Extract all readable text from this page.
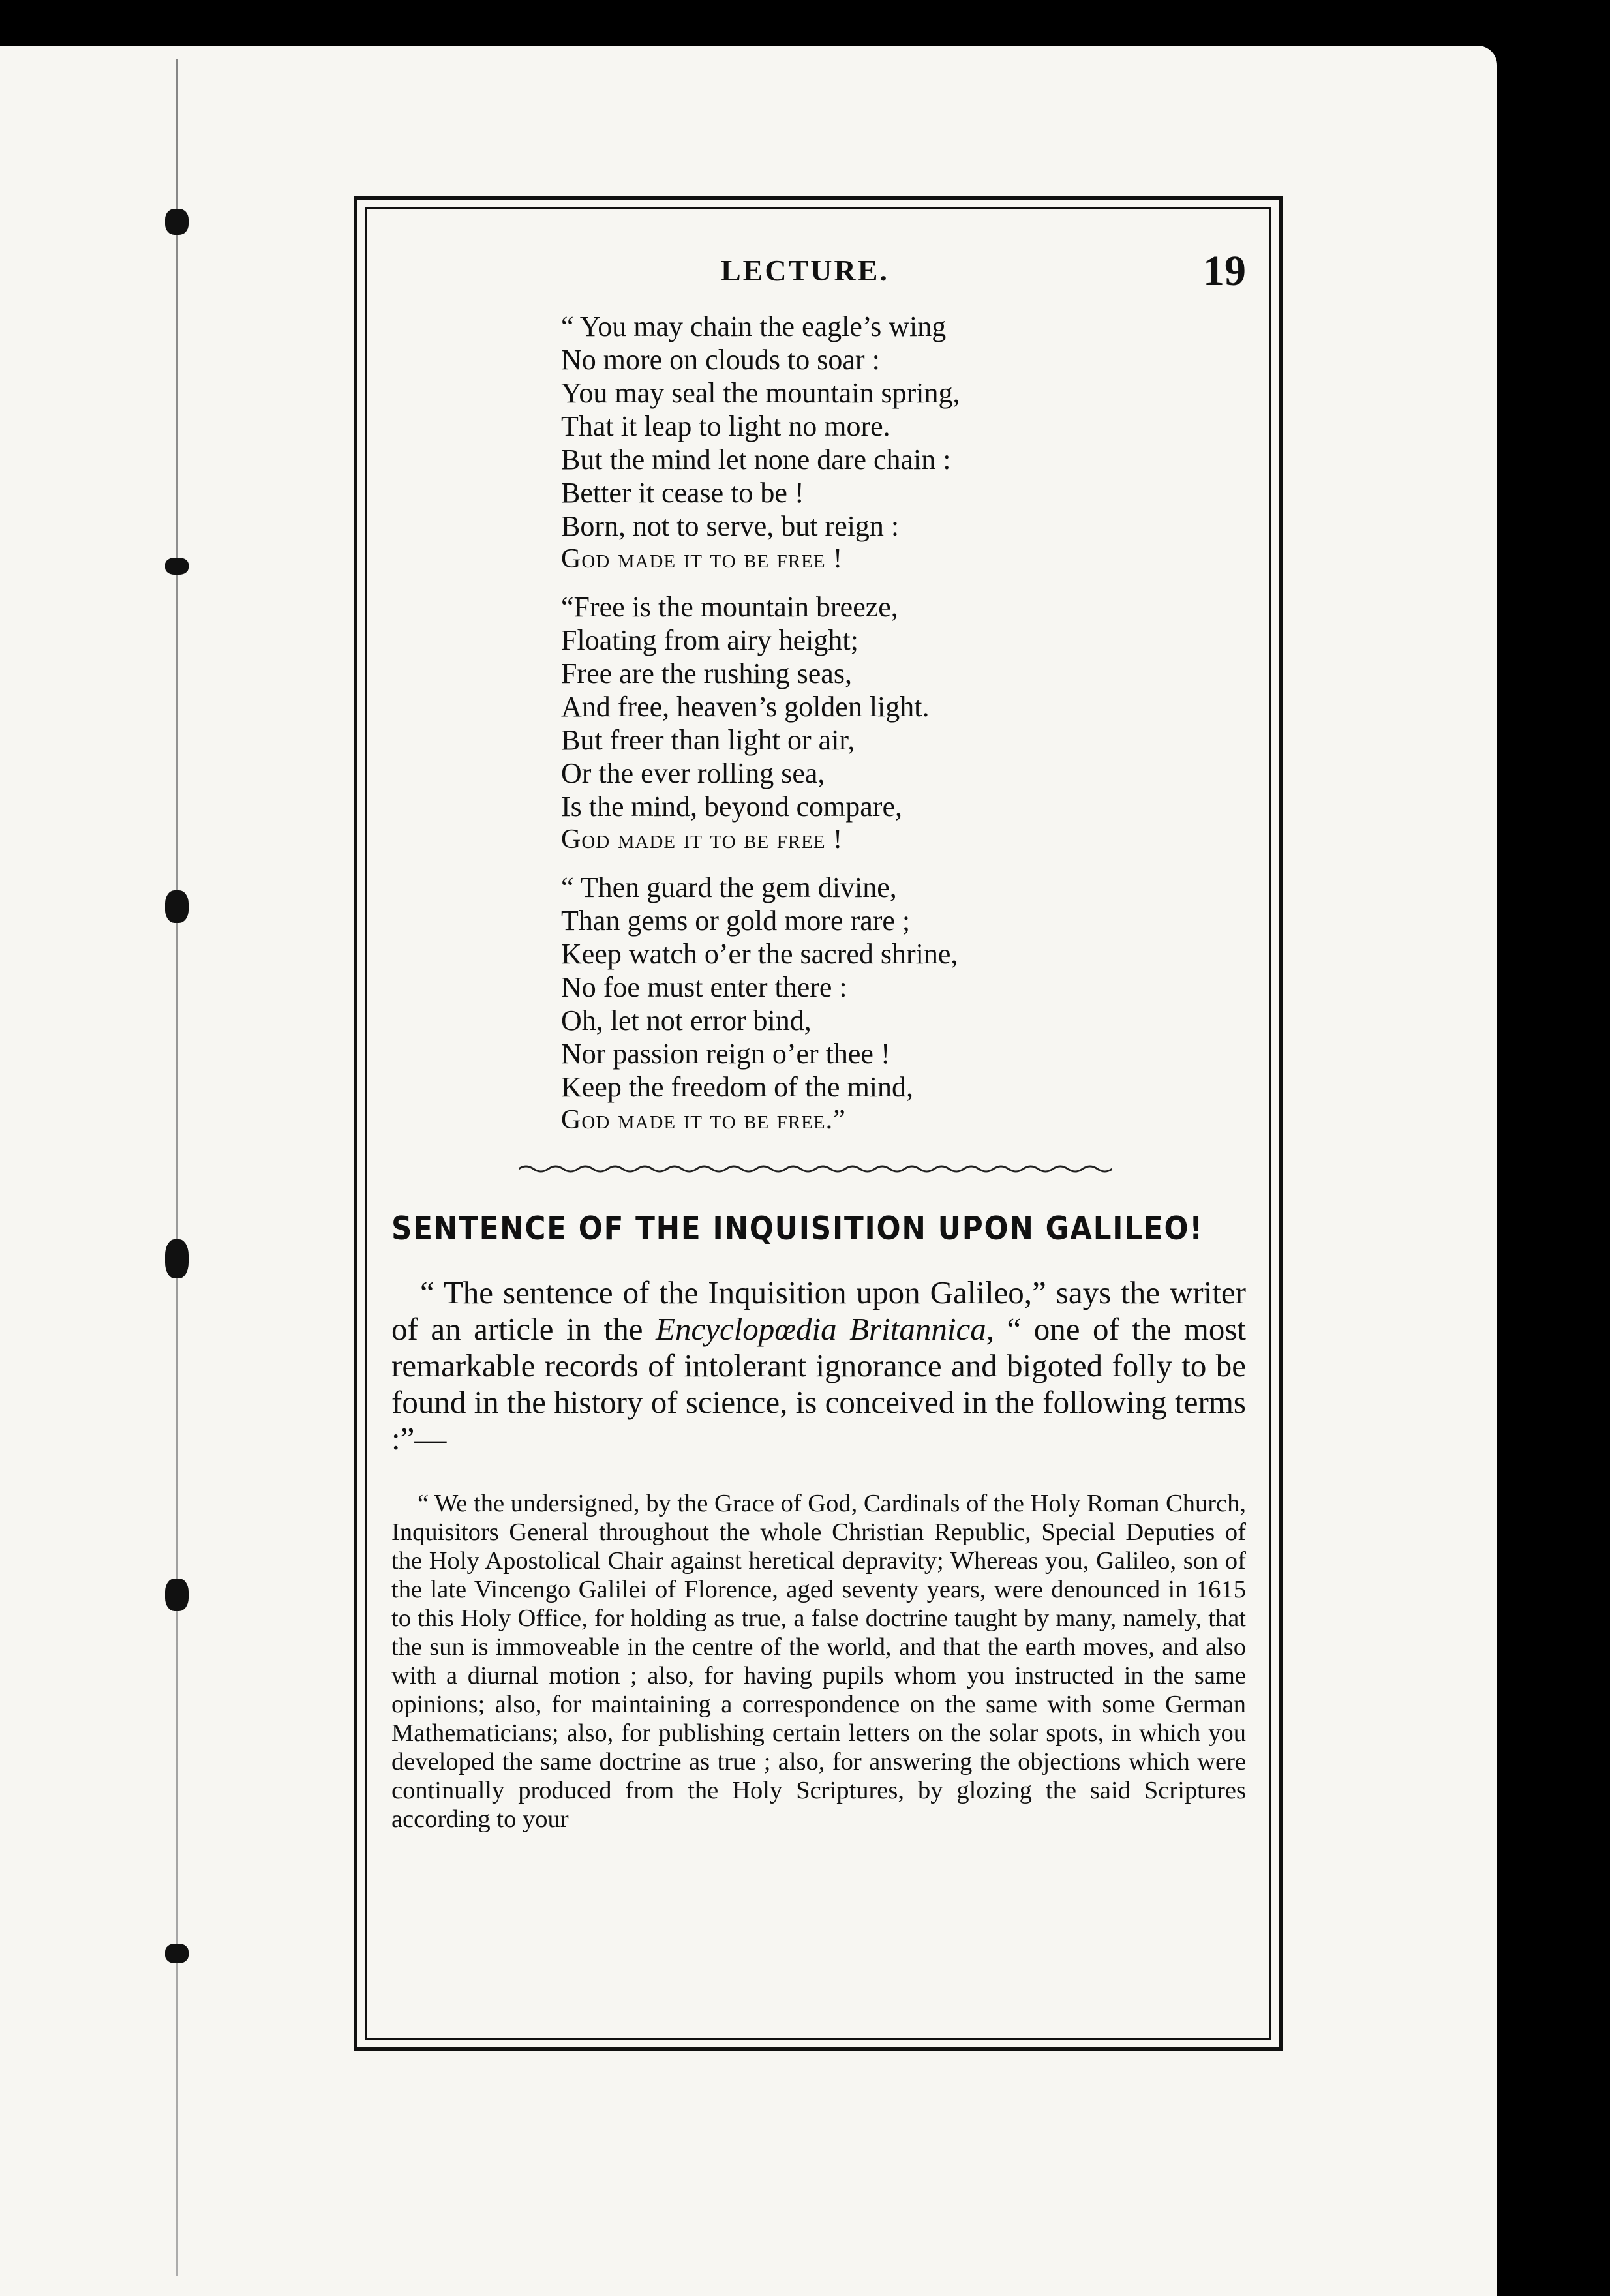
LECTURE.	19
“ You may chain the eagle’s wing
No more on clouds to soar :
You may seal the mountain spring,
That it leap to light no more.
But the mind let none dare chain :
Better it cease to be !
Born, not to serve, but reign :
God made it to be free !
“Free is the mountain breeze,
Floating from airy height;
Free are the rushing seas,
And free, heaven’s golden light.
But freer than light or air,
Or the ever rolling sea,
Is the mind, beyond compare,
God made it to be free !
“ Then guard the gem divine,
Than gems or gold more rare ;
Keep watch o’er the sacred shrine,
No foe must enter there :
Oh, let not error bind,
Nor passion reign o’er thee !
Keep the freedom of the mind,
God made it to be free.”
SENTENCE OF THE INQUISITION UPON GALILEO!

“ The sentence of the Inquisition upon Galileo,” says the writer of an article in the Encyclopœdia Britannica, “ one of the most remarkable records of intolerant ignorance and bigoted folly to be found in the history of science, is conceived in the following terms :”—

“ We the undersigned, by the Grace of God, Cardinals of the Holy Roman Church, Inquisitors General throughout the whole Christian Republic, Special Deputies of the Holy Apostolical Chair against heretical depravity; Whereas you, Galileo, son of the late Vincengo Galilei of Florence, aged seventy years, were denounced in 1615 to this Holy Office, for holding as true, a false doctrine taught by many, namely, that the sun is immoveable in the centre of the world, and that the earth moves, and also with a diurnal motion ; also, for having pupils whom you instructed in the same opinions; also, for maintaining a correspondence on the same with some German Mathematicians; also, for publishing certain letters on the solar spots, in which you developed the same doctrine as true ; also, for answering the objections which were continually produced from the Holy Scriptures, by glozing the said Scriptures according to your
